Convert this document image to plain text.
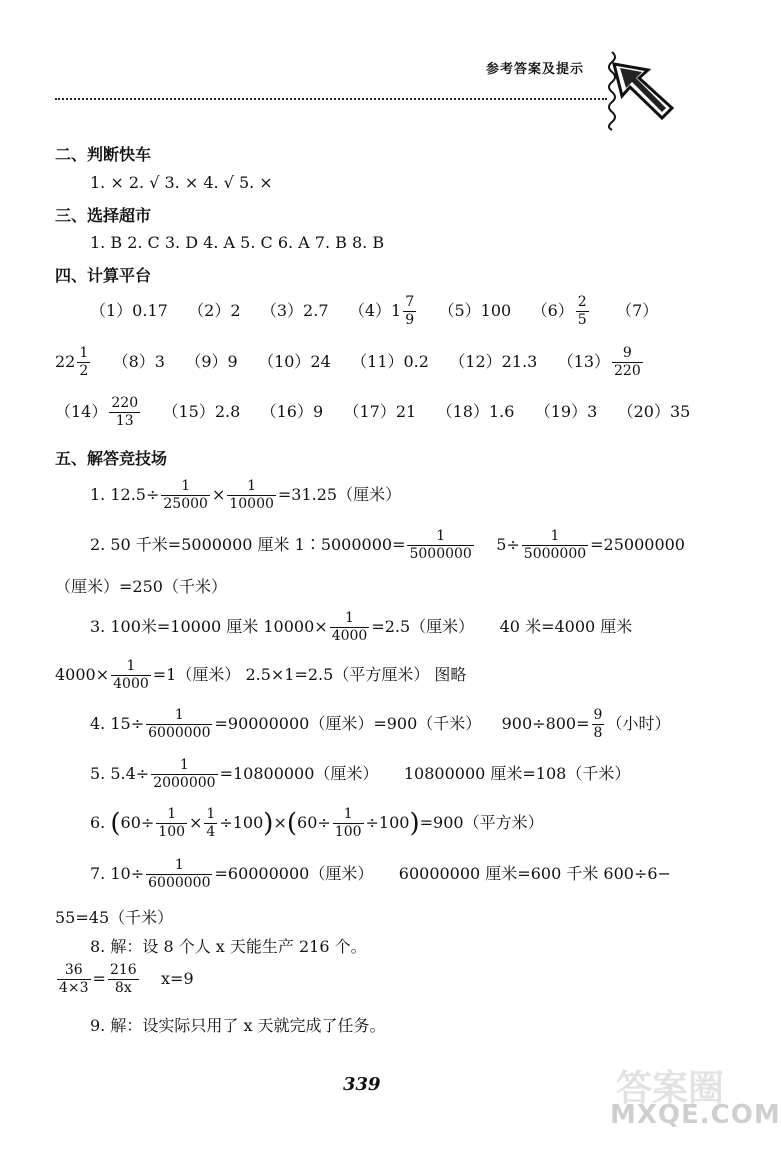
参考答案及提示
二、判断快车
1. × 2. √ 3. × 4. √ 5. ×
三、选择超市
1. B 2. C 3. D 4. A 5. C 6. A 7. B 8. B
四、计算平台
（1）0.17 （2）2 （3）2.7 $(4)1 \frac{7}{9} (5)100$ $(6) \frac{2}{5} (7)$
$22 \frac{1}{2} (8)3$ （9）9 （10）24 （11）0.2 （12）21.3 $(13) \frac{9}{220}$
$(14) \frac{220}{13} (15)2.8$ （16）9 （17）21 （18）1.6 （19）3 （20）35
五、解答竞技场
1. $12.5\div \frac{1}{25000} \times \frac{1}{10000} =31.25$（厘米）
2. 50 千米=5000000 厘米 1∶5000000= $\frac{1}{5000000} 5\div \frac{1}{5000000} =25000000$
（厘米）=250（千米）
3. 100米=10000 厘米 $10000\times \frac{1}{4000} =2.5$（厘米） 40 米=4000 厘米
$4000\times \frac{1}{4000} =1$（厘米） 2.5×1=2.5（平方厘米） 图略
4. $15\div \frac{1}{6000000} =90000000$（厘米）=900（千米） $900\div 800= \frac{9}{8}$ （小时）
5. $5.4\div \frac{1}{2000000} =10800000$（厘米） 10800000 厘米=108（千米）
6. $(60\div \frac{1}{100} \times \frac{1}{4} \div 100)\times(60\div \frac{1}{100} \div 100)=900$（平方米）
7. $10\div \frac{1}{6000000} =60000000$（厘米） 60000000 厘米=600 千米 600÷6−
55=45（千米）
8. 解：设 8 个人 x 天能生产 216 个。
$\frac{36}{4\times 3} = \frac{216}{8x} x=9$
9. 解：设实际只用了 x 天就完成了任务。
339	答案圈
MXQE.COM
